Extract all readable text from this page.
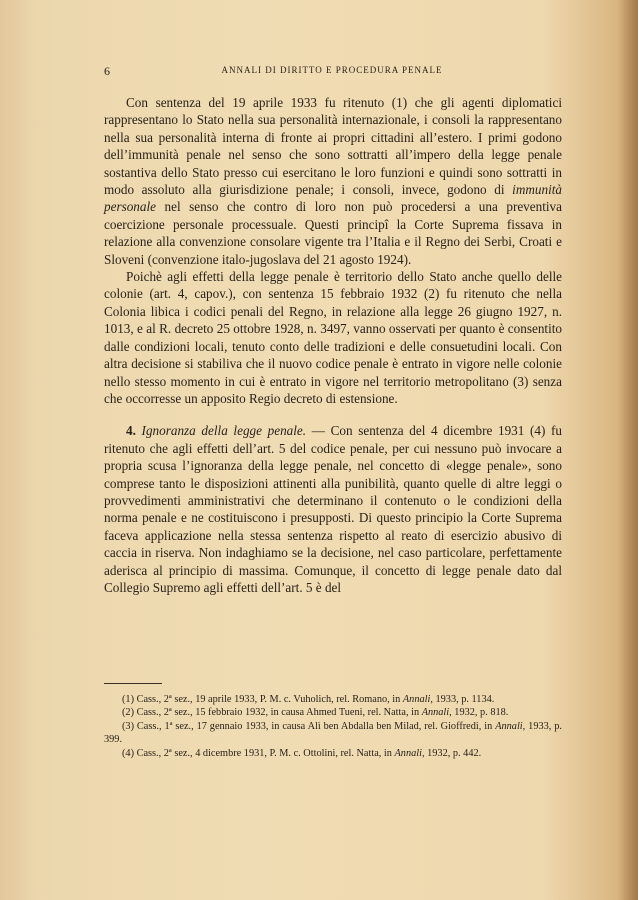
6	ANNALI DI DIRITTO E PROCEDURA PENALE

Con sentenza del 19 aprile 1933 fu ritenuto (1) che gli agenti diplomatici rappresentano lo Stato nella sua personalità internazionale, i consoli la rappresentano nella sua personalità interna di fronte ai propri cittadini all’estero. I primi godono dell’immunità penale nel senso che sono sottratti all’impero della legge penale sostantiva dello Stato presso cui esercitano le loro funzioni e quindi sono sottratti in modo assoluto alla giurisdizione penale; i consoli, invece, godono di immunità personale nel senso che contro di loro non può procedersi a una preventiva coercizione personale processuale. Questi principî la Corte Suprema fissava in relazione alla convenzione consolare vigente tra l’Italia e il Regno dei Serbi, Croati e Sloveni (convenzione italo-jugoslava del 21 agosto 1924).

Poichè agli effetti della legge penale è territorio dello Stato anche quello delle colonie (art. 4, capov.), con sentenza 15 febbraio 1932 (2) fu ritenuto che nella Colonia libica i codici penali del Regno, in relazione alla legge 26 giugno 1927, n. 1013, e al R. decreto 25 ottobre 1928, n. 3497, vanno osservati per quanto è consentito dalle condizioni locali, tenuto conto delle tradizioni e delle consuetudini locali. Con altra decisione si stabiliva che il nuovo codice penale è entrato in vigore nelle colonie nello stesso momento in cui è entrato in vigore nel territorio metropolitano (3) senza che occorresse un apposito Regio decreto di estensione.

4. Ignoranza della legge penale. — Con sentenza del 4 dicembre 1931 (4) fu ritenuto che agli effetti dell’art. 5 del codice penale, per cui nessuno può invocare a propria scusa l’ignoranza della legge penale, nel concetto di «legge penale», sono comprese tanto le disposizioni attinenti alla punibilità, quanto quelle di altre leggi o provvedimenti amministrativi che determinano il contenuto o le condizioni della norma penale e ne costituiscono i presupposti. Di questo principio la Corte Suprema faceva applicazione nella stessa sentenza rispetto al reato di esercizio abusivo di caccia in riserva. Non indaghiamo se la decisione, nel caso particolare, perfettamente aderisca al principio di massima. Comunque, il concetto di legge penale dato dal Collegio Supremo agli effetti dell’art. 5 è del

(1) Cass., 2ª sez., 19 aprile 1933, P. M. c. Vuholich, rel. Romano, in Annali, 1933, p. 1134.

(2) Cass., 2ª sez., 15 febbraio 1932, in causa Ahmed Tueni, rel. Natta, in Annali, 1932, p. 818.

(3) Cass., 1ª sez., 17 gennaio 1933, in causa Alì ben Abdalla ben Milad, rel. Gioffredi, in Annali, 1933, p. 399.

(4) Cass., 2ª sez., 4 dicembre 1931, P. M. c. Ottolini, rel. Natta, in Annali, 1932, p. 442.
